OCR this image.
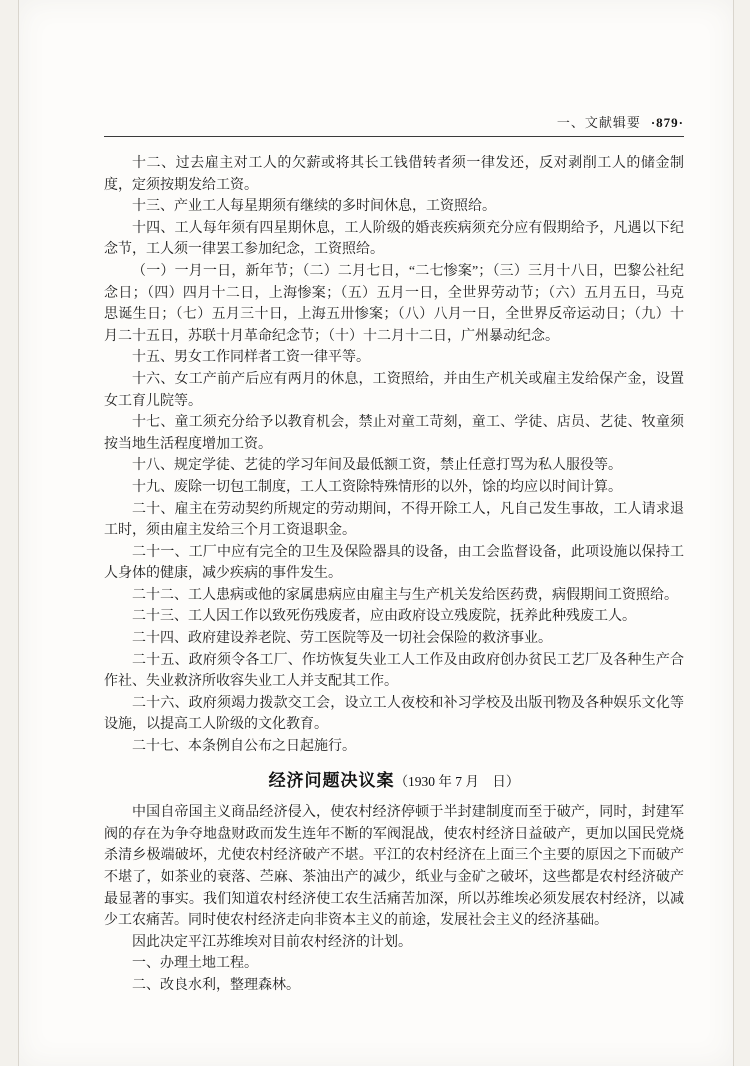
一、文献辑要 ·879·

十二、过去雇主对工人的欠薪或将其长工钱借转者须一律发还，反对剥削工人的储金制度，定须按期发给工资。

十三、产业工人每星期须有继续的多时间休息，工资照给。

十四、工人每年须有四星期休息，工人阶级的婚丧疾病须充分应有假期给予，凡遇以下纪念节，工人须一律罢工参加纪念，工资照给。

（一）一月一日，新年节；（二）二月七日，“二七惨案”；（三）三月十八日，巴黎公社纪念日；（四）四月十二日，上海惨案；（五）五月一日，全世界劳动节；（六）五月五日，马克思诞生日；（七）五月三十日，上海五卅惨案；（八）八月一日，全世界反帝运动日；（九）十月二十五日，苏联十月革命纪念节；（十）十二月十二日，广州暴动纪念。

十五、男女工作同样者工资一律平等。

十六、女工产前产后应有两月的休息，工资照给，并由生产机关或雇主发给保产金，设置女工育儿院等。

十七、童工须充分给予以教育机会，禁止对童工苛刻，童工、学徒、店员、艺徒、牧童须按当地生活程度增加工资。

十八、规定学徒、艺徒的学习年间及最低额工资，禁止任意打骂为私人服役等。

十九、废除一切包工制度，工人工资除特殊情形的以外，馀的均应以时间计算。

二十、雇主在劳动契约所规定的劳动期间，不得开除工人，凡自己发生事故，工人请求退工时，须由雇主发给三个月工资退职金。

二十一、工厂中应有完全的卫生及保险器具的设备，由工会监督设备，此项设施以保持工人身体的健康，减少疾病的事件发生。

二十二、工人患病或他的家属患病应由雇主与生产机关发给医药费，病假期间工资照给。

二十三、工人因工作以致死伤残废者，应由政府设立残废院，抚养此种残废工人。

二十四、政府建设养老院、劳工医院等及一切社会保险的救济事业。

二十五、政府须令各工厂、作坊恢复失业工人工作及由政府创办贫民工艺厂及各种生产合作社、失业救济所收容失业工人并支配其工作。

二十六、政府须竭力拨款交工会，设立工人夜校和补习学校及出版刊物及各种娱乐文化等设施，以提高工人阶级的文化教育。

二十七、本条例自公布之日起施行。

经济问题决议案（1930 年 7 月　日）

中国自帝国主义商品经济侵入，使农村经济停顿于半封建制度而至于破产，同时，封建军阀的存在为争夺地盘财政而发生连年不断的军阀混战，使农村经济日益破产，更加以国民党烧杀清乡极端破坏，尤使农村经济破产不堪。平江的农村经济在上面三个主要的原因之下而破产不堪了，如茶业的衰落、苎麻、茶油出产的减少，纸业与金矿之破坏，这些都是农村经济破产最显著的事实。我们知道农村经济使工农生活痛苦加深，所以苏维埃必须发展农村经济，以减少工农痛苦。同时使农村经济走向非资本主义的前途，发展社会主义的经济基础。

因此决定平江苏维埃对目前农村经济的计划。

一、办理土地工程。

二、改良水利，整理森林。
